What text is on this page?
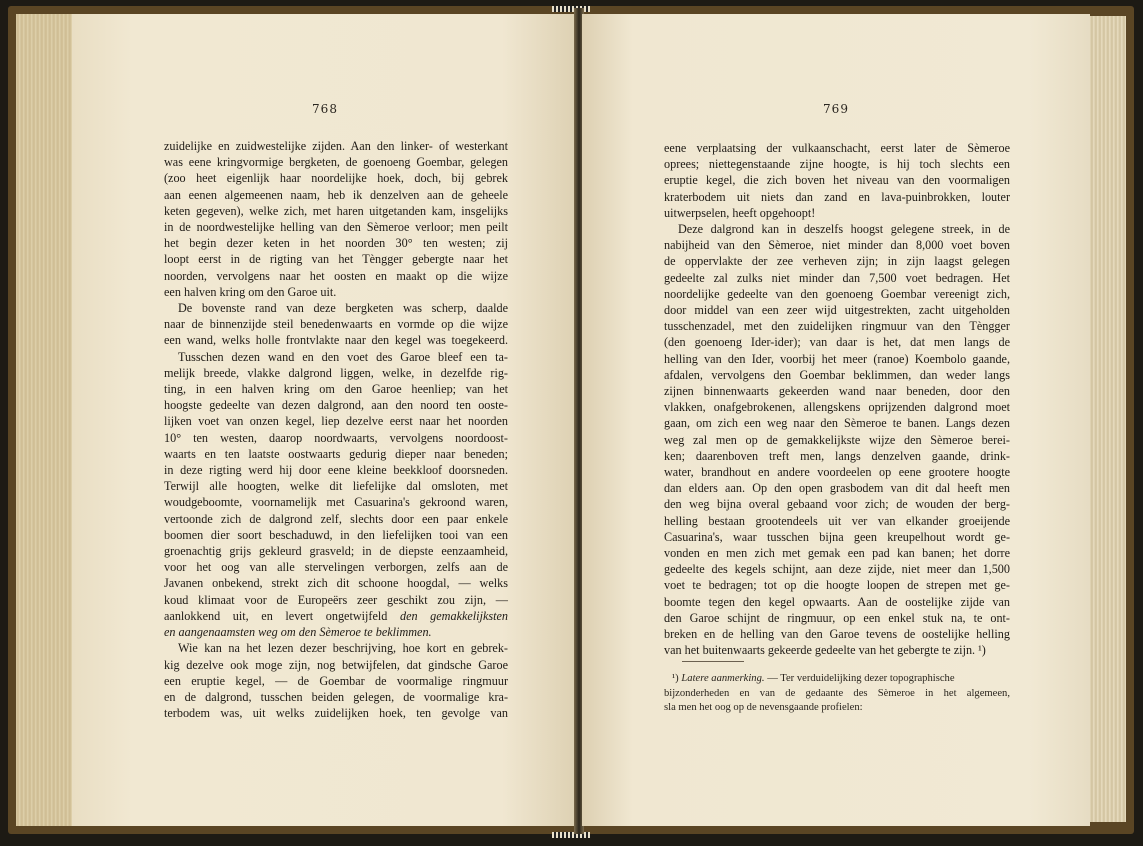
768
zuidelijke en zuidwestelijke zijden. Aan den linker- of westerkant
was eene kringvormige bergketen, de goenoeng Goembar, gelegen
(zoo heet eigenlijk haar noordelijke hoek, doch, bij gebrek
aan eenen algemeenen naam, heb ik denzelven aan de geheele
keten gegeven), welke zich, met haren uitgetanden kam, insgelijks
in de noordwestelijke helling van den Sèmeroe verloor; men peilt
het begin dezer keten in het noorden 30° ten westen; zij
loopt eerst in de rigting van het Tèngger gebergte naar het
noorden, vervolgens naar het oosten en maakt op die wijze
een halven kring om den Garoe uit.
De bovenste rand van deze bergketen was scherp, daalde
naar de binnenzijde steil benedenwaarts en vormde op die wijze
een wand, welks holle frontvlakte naar den kegel was toegekeerd.
Tusschen dezen wand en den voet des Garoe bleef een ta-
melijk breede, vlakke dalgrond liggen, welke, in dezelfde rig-
ting, in een halven kring om den Garoe heenliep; van het
hoogste gedeelte van dezen dalgrond, aan den noord ten ooste-
lijken voet van onzen kegel, liep dezelve eerst naar het noorden
10° ten westen, daarop noordwaarts, vervolgens noordoost-
waarts en ten laatste oostwaarts gedurig dieper naar beneden;
in deze rigting werd hij door eene kleine beekkloof doorsneden.
Terwijl alle hoogten, welke dit liefelijke dal omsloten, met
woudgeboomte, voornamelijk met Casuarina's gekroond waren,
vertoonde zich de dalgrond zelf, slechts door een paar enkele
boomen dier soort beschaduwd, in den liefelijken tooi van een
groenachtig grijs gekleurd grasveld; in de diepste eenzaamheid,
voor het oog van alle stervelingen verborgen, zelfs aan de
Javanen onbekend, strekt zich dit schoone hoogdal, — welks
koud klimaat voor de Europeërs zeer geschikt zou zijn, —
aanlokkend uit, en levert ongetwijfeld den gemakkelijksten
en aangenaamsten weg om den Sèmeroe te beklimmen.
Wie kan na het lezen dezer beschrijving, hoe kort en gebrek-
kig dezelve ook moge zijn, nog betwijfelen, dat gindsche Garoe
een eruptie kegel, — de Goembar de voormalige ringmuur
en de dalgrond, tusschen beiden gelegen, de voormalige kra-
terbodem was, uit welks zuidelijken hoek, ten gevolge van
769
eene verplaatsing der vulkaanschacht, eerst later de Sèmeroe
oprees; niettegenstaande zijne hoogte, is hij toch slechts een
eruptie kegel, die zich boven het niveau van den voormaligen
kraterbodem uit niets dan zand en lava-puinbrokken, louter
uitwerpselen, heeft opgehoopt!
Deze dalgrond kan in deszelfs hoogst gelegene streek, in de
nabijheid van den Sèmeroe, niet minder dan 8,000 voet boven
de oppervlakte der zee verheven zijn; in zijn laagst gelegen
gedeelte zal zulks niet minder dan 7,500 voet bedragen. Het
noordelijke gedeelte van den goenoeng Goembar vereenigt zich,
door middel van een zeer wijd uitgestrekten, zacht uitgeholden
tusschenzadel, met den zuidelijken ringmuur van den Tèngger
(den goenoeng Ider-ider); van daar is het, dat men langs de
helling van den Ider, voorbij het meer (ranoe) Koembolo gaande,
afdalen, vervolgens den Goembar beklimmen, dan weder langs
zijnen binnenwaarts gekeerden wand naar beneden, door den
vlakken, onafgebrokenen, allengskens oprijzenden dalgrond moet
gaan, om zich een weg naar den Sèmeroe te banen. Langs dezen
weg zal men op de gemakkelijkste wijze den Sèmeroe berei-
ken; daarenboven treft men, langs denzelven gaande, drink-
water, brandhout en andere voordeelen op eene grootere hoogte
dan elders aan. Op den open grasbodem van dit dal heeft men
den weg bijna overal gebaand voor zich; de wouden der berg-
helling bestaan grootendeels uit ver van elkander groeijende
Casuarina's, waar tusschen bijna geen kreupelhout wordt ge-
vonden en men zich met gemak een pad kan banen; het dorre
gedeelte des kegels schijnt, aan deze zijde, niet meer dan 1,500
voet te bedragen; tot op die hoogte loopen de strepen met ge-
boomte tegen den kegel opwaarts. Aan de oostelijke zijde van
den Garoe schijnt de ringmuur, op een enkel stuk na, te ont-
breken en de helling van den Garoe tevens de oostelijke helling
van het buitenwaarts gekeerde gedeelte van het gebergte te zijn. ¹)
¹) Latere aanmerking. — Ter verduidelijking dezer topographische
bijzonderheden en van de gedaante des Sèmeroe in het algemeen,
sla men het oog op de nevensgaande profielen:
